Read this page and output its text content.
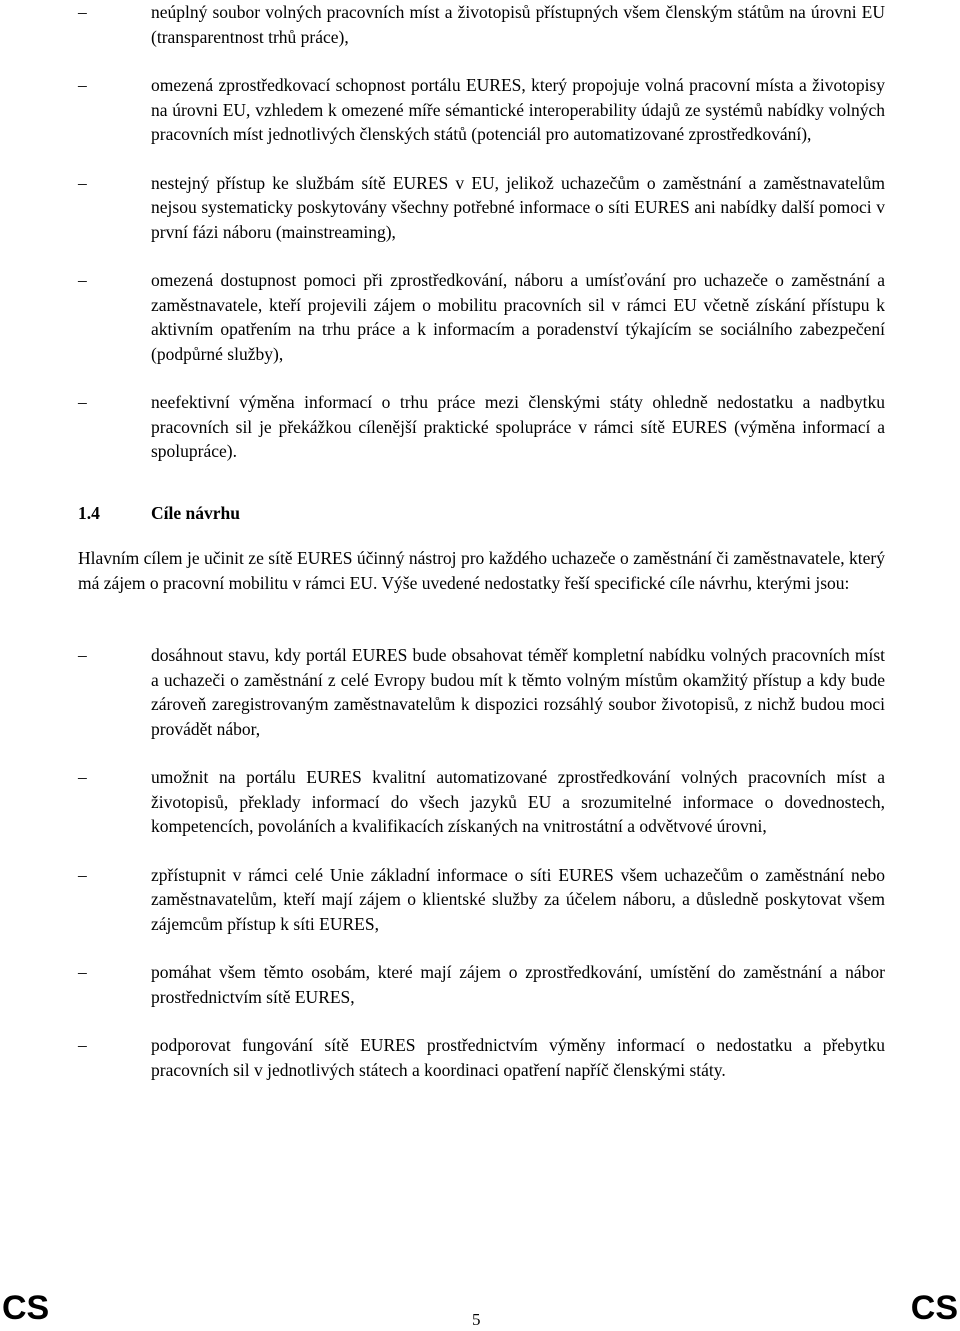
–	neúplný soubor volných pracovních míst a životopisů přístupných všem členským státům na úrovni EU (transparentnost trhů práce),
–	omezená zprostředkovací schopnost portálu EURES, který propojuje volná pracovní místa a životopisy na úrovni EU, vzhledem k omezené míře sémantické interoperability údajů ze systémů nabídky volných pracovních míst jednotlivých členských států (potenciál pro automatizované zprostředkování),
–	nestejný přístup ke službám sítě EURES v EU, jelikož uchazečům o zaměstnání a zaměstnavatelům nejsou systematicky poskytovány všechny potřebné informace o síti EURES ani nabídky další pomoci v první fázi náboru (mainstreaming),
–	omezená dostupnost pomoci při zprostředkování, náboru a umísťování pro uchazeče o zaměstnání a zaměstnavatele, kteří projevili zájem o mobilitu pracovních sil v rámci EU včetně získání přístupu k aktivním opatřením na trhu práce a k informacím a poradenství týkajícím se sociálního zabezpečení (podpůrné služby),
–	neefektivní výměna informací o trhu práce mezi členskými státy ohledně nedostatku a nadbytku pracovních sil je překážkou cílenější praktické spolupráce v rámci sítě EURES (výměna informací a spolupráce).
1.4	Cíle návrhu
Hlavním cílem je učinit ze sítě EURES účinný nástroj pro každého uchazeče o zaměstnání či zaměstnavatele, který má zájem o pracovní mobilitu v rámci EU. Výše uvedené nedostatky řeší specifické cíle návrhu, kterými jsou:
–	dosáhnout stavu, kdy portál EURES bude obsahovat téměř kompletní nabídku volných pracovních míst a uchazeči o zaměstnání z celé Evropy budou mít k těmto volným místům okamžitý přístup a kdy bude zároveň zaregistrovaným zaměstnavatelům k dispozici rozsáhlý soubor životopisů, z nichž budou moci provádět nábor,
–	umožnit na portálu EURES kvalitní automatizované zprostředkování volných pracovních míst a životopisů, překlady informací do všech jazyků EU a srozumitelné informace o dovednostech, kompetencích, povoláních a kvalifikacích získaných na vnitrostátní a odvětvové úrovni,
–	zpřístupnit v rámci celé Unie základní informace o síti EURES všem uchazečům o zaměstnání nebo zaměstnavatelům, kteří mají zájem o klientské služby za účelem náboru, a důsledně poskytovat všem zájemcům přístup k síti EURES,
–	pomáhat všem těmto osobám, které mají zájem o zprostředkování, umístění do zaměstnání a nábor prostřednictvím sítě EURES,
–	podporovat fungování sítě EURES prostřednictvím výměny informací o nedostatku a přebytku pracovních sil v jednotlivých státech a koordinaci opatření napříč členskými státy.
CS	5	CS
